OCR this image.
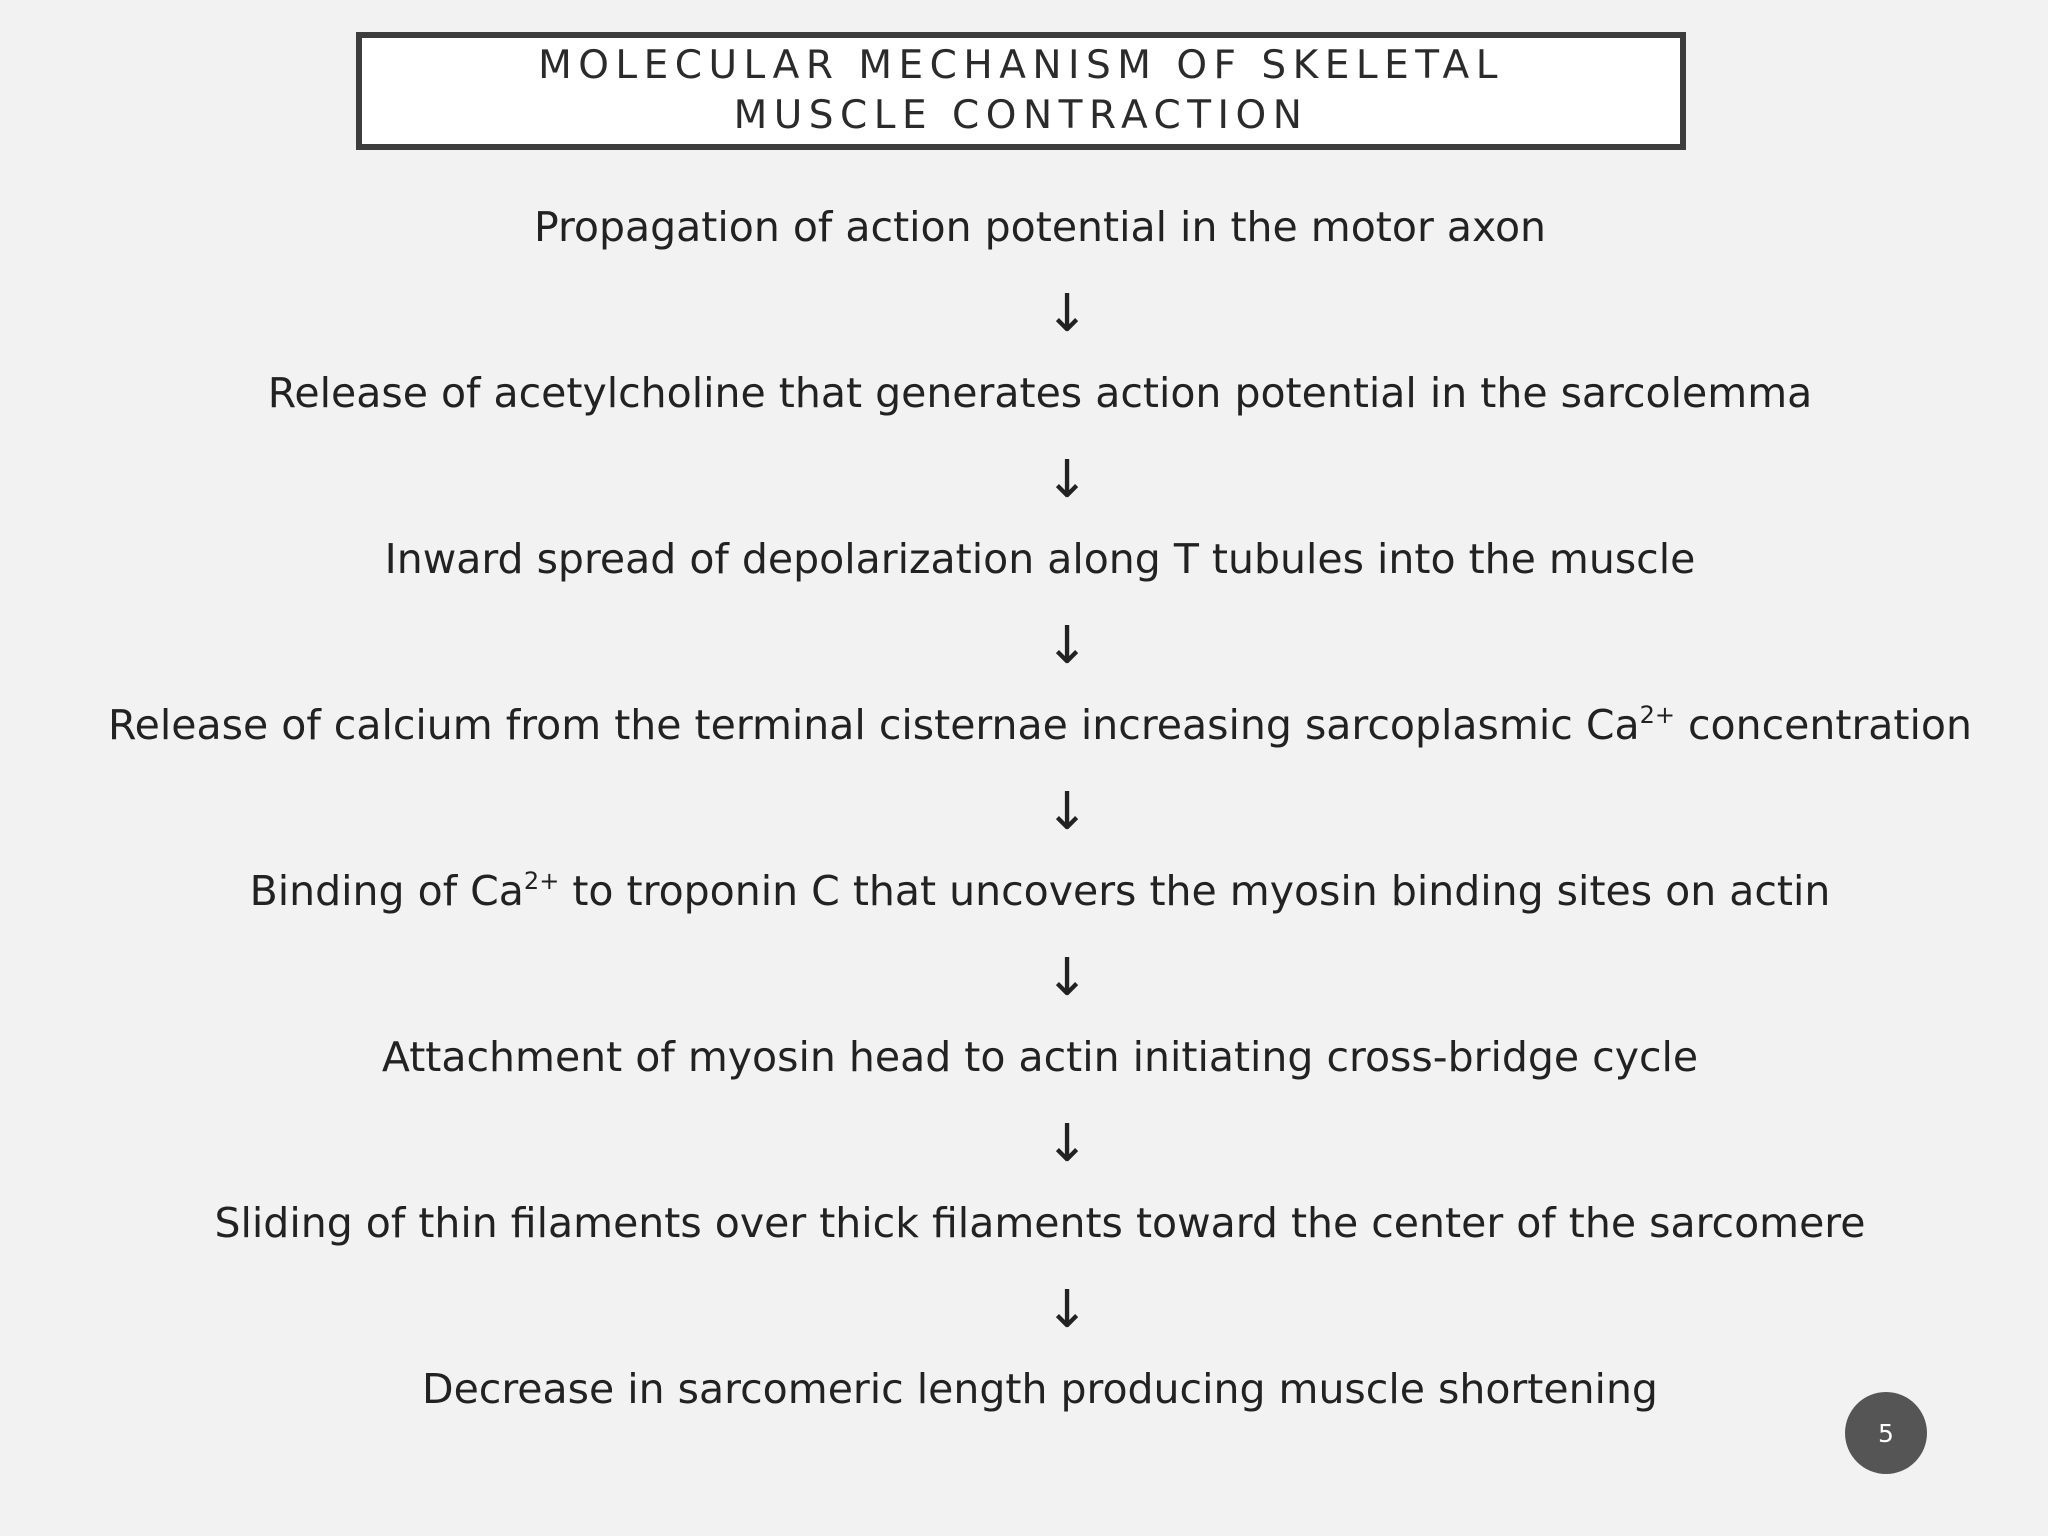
MOLECULAR MECHANISM OF SKELETAL
MUSCLE CONTRACTION
Propagation of action potential in the motor axon
↓
Release of acetylcholine that generates action potential in the sarcolemma
↓
Inward spread of depolarization along T tubules into the muscle
↓
Release of calcium from the terminal cisternae increasing sarcoplasmic $Ca^{2+}$ concentration
↓
Binding of $Ca^{2+}$ to troponin C that uncovers the myosin binding sites on actin
↓
Attachment of myosin head to actin initiating cross-bridge cycle
↓
Sliding of thin filaments over thick filaments toward the center of the sarcomere
↓
Decrease in sarcomeric length producing muscle shortening
5
